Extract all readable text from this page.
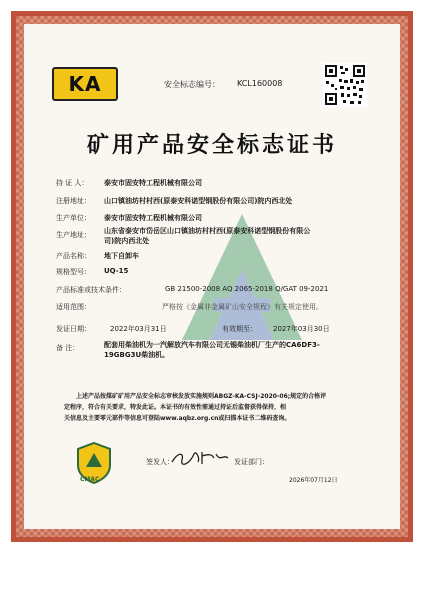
KA	安全标志编号： KCL160008
矿用产品安全标志证书
持 证 人： 泰安市固安特工程机械有限公司
注册地址： 山口镇油坊村村西(原泰安科诺型钢股份有限公司)院内西北处
生产单位： 泰安市固安特工程机械有限公司
生产地址： 山东省泰安市岱岳区山口镇油坊村村西(原泰安科诺型钢股份有限公
司)院内西北处
产品名称： 地下自卸车
规格型号： UQ-15
产品标准或技术条件：	GB 21500-2008 AQ 2065-2018 Q/GAT 09-2021
适用范围：	严格按《金属非金属矿山安全规程》有关规定使用。
发证日期：	2022年03月31日	有效期至： 2027年03月30日
备 注：	配套用柴油机为一汽解放汽车有限公司无锡柴油机厂生产的CA6DF3-
19GBG3U柴油机。
上述产品按煤矿矿用产品安全标志审核发放实施规则ABGZ-KA-CSJ-2020-06;规定的合格评
定程序，符合有关要求，特发此证。本证书的有效性需通过持证后监督获得保持，相
关信息及主要零元部件等信息可登陆www.aqbz.org.cn或扫描本证书二维码查询。
CMAC
签发人：	发证部门：
2026年07月12日
